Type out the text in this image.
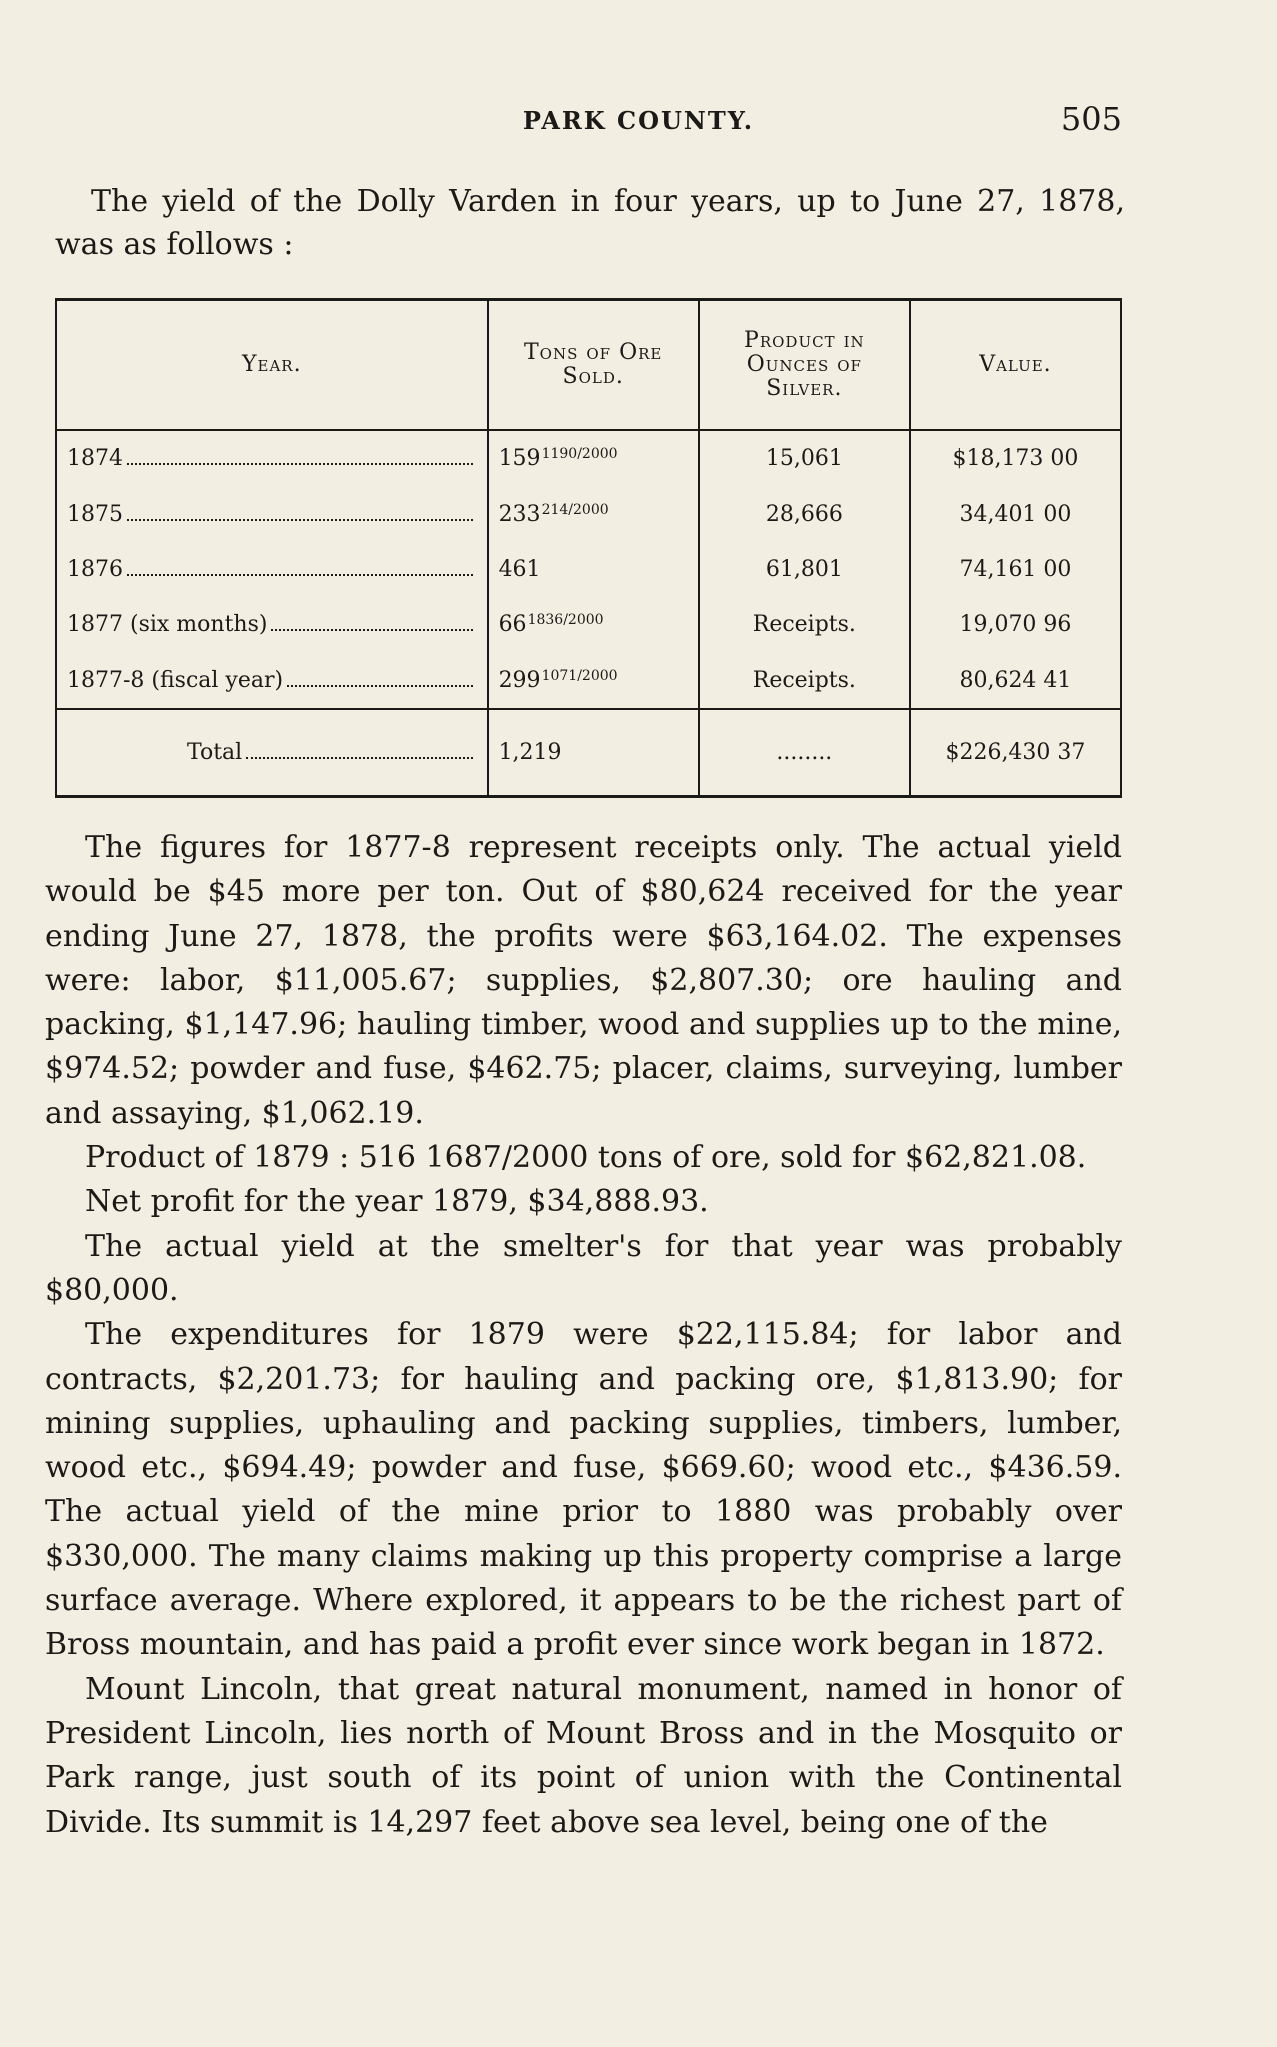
PARK COUNTY.	505
The yield of the Dolly Varden in four years, up to June 27, 1878, was as follows :
Year.	Tons of Ore Sold.	Product in Ounces of Silver.	Value.

1874	$159^{1190/2000}$	15,061	$18,173 00

1875	$233^{214/2000}$	28,666	34,401 00

1876	461	61,801	74,161 00

1877 (six months)	$66^{1836/2000}$	Receipts.	19,070 96

1877-8 (fiscal year)	$299^{1071/2000}$	Receipts.	80,624 41

Total	1,219	........	$226,430 37

The figures for 1877-8 represent receipts only. The actual yield would be $45 more per ton. Out of $80,624 received for the year ending June 27, 1878, the profits were $63,164.02. The expenses were: labor, $11,005.67; supplies, $2,807.30; ore hauling and packing, $1,147.96; hauling timber, wood and supplies up to the mine, $974.52; powder and fuse, $462.75; placer, claims, surveying, lumber and assaying, $1,062.19.

Product of 1879 : 516 1687/2000 tons of ore, sold for $62,821.08.

Net profit for the year 1879, $34,888.93.

The actual yield at the smelter's for that year was probably $80,000.

The expenditures for 1879 were $22,115.84; for labor and contracts, $2,201.73; for hauling and packing ore, $1,813.90; for mining supplies, uphauling and packing supplies, timbers, lumber, wood etc., $694.49; powder and fuse, $669.60; wood etc., $436.59. The actual yield of the mine prior to 1880 was probably over $330,000. The many claims making up this property comprise a large surface average. Where explored, it appears to be the richest part of Bross mountain, and has paid a profit ever since work began in 1872.

Mount Lincoln, that great natural monument, named in honor of President Lincoln, lies north of Mount Bross and in the Mosquito or Park range, just south of its point of union with the Continental Divide. Its summit is 14,297 feet above sea level, being one of the
